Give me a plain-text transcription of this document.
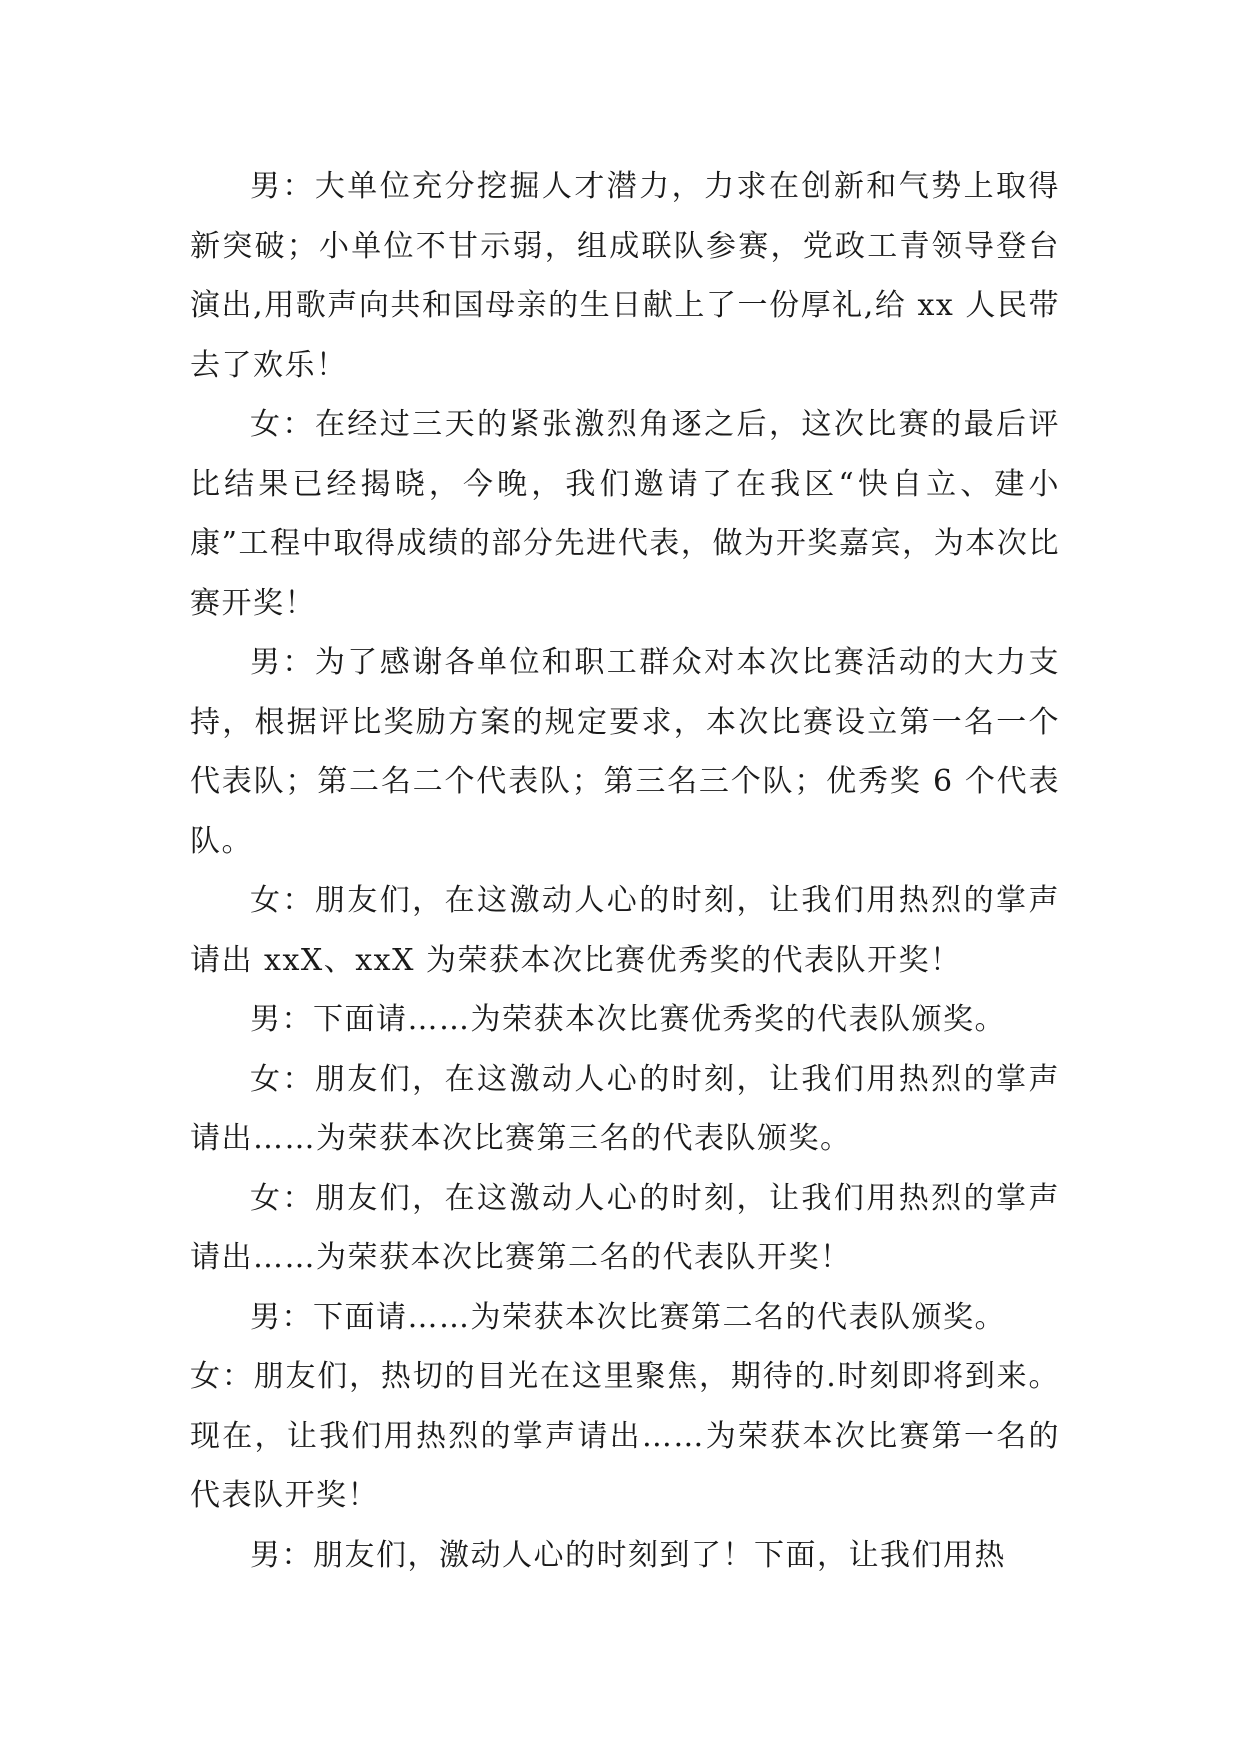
男：大单位充分挖掘人才潜力，力求在创新和气势上取得新突破；小单位不甘示弱，组成联队参赛，党政工青领导登台演出,用歌声向共和国母亲的生日献上了一份厚礼,给 xx 人民带去了欢乐！

女：在经过三天的紧张激烈角逐之后，这次比赛的最后评比结果已经揭晓，今晚，我们邀请了在我区“快自立、建小康”工程中取得成绩的部分先进代表，做为开奖嘉宾，为本次比赛开奖！

男：为了感谢各单位和职工群众对本次比赛活动的大力支持，根据评比奖励方案的规定要求，本次比赛设立第一名一个代表队；第二名二个代表队；第三名三个队；优秀奖 6 个代表队。

女：朋友们，在这激动人心的时刻，让我们用热烈的掌声请出 xxX、xxX 为荣获本次比赛优秀奖的代表队开奖！

男：下面请……为荣获本次比赛优秀奖的代表队颁奖。

女：朋友们，在这激动人心的时刻，让我们用热烈的掌声请出……为荣获本次比赛第三名的代表队颁奖。

女：朋友们，在这激动人心的时刻，让我们用热烈的掌声请出……为荣获本次比赛第二名的代表队开奖！

男：下面请……为荣获本次比赛第二名的代表队颁奖。

女：朋友们，热切的目光在这里聚焦，期待的.时刻即将到来。现在，让我们用热烈的掌声请出……为荣获本次比赛第一名的代表队开奖！

男：朋友们，激动人心的时刻到了！下面，让我们用热
